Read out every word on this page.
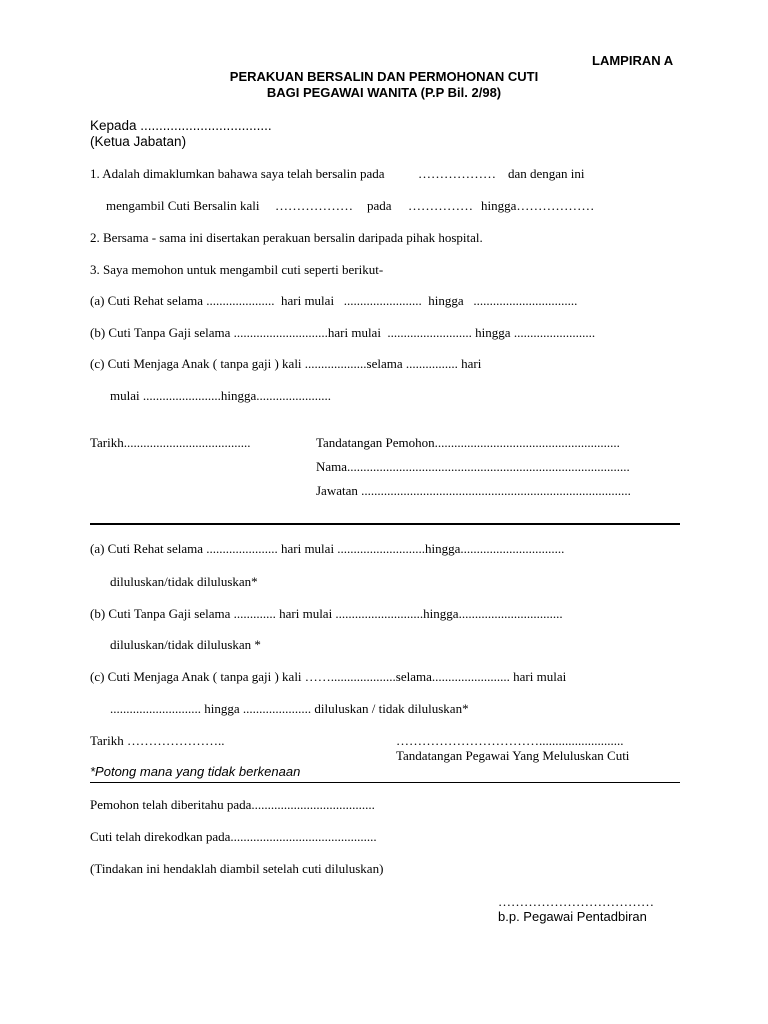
LAMPIRAN A
PERAKUAN BERSALIN DAN PERMOHONAN CUTI
BAGI PEGAWAI WANITA (P.P Bil. 2/98)
Kepada ...................................
(Ketua Jabatan)
1. Adalah dimaklumkan bahawa saya telah bersalin pada	……………… dan dengan ini
mengambil Cuti Bersalin kali ……………… pada …………… hingga………………
2. Bersama - sama ini disertakan perakuan bersalin daripada pihak hospital.
3. Saya memohon untuk mengambil cuti seperti berikut-
(a) Cuti Rehat selama .....................  hari mulai   ........................  hingga   ................................
(b) Cuti Tanpa Gaji selama .............................hari mulai  .......................... hingga .........................
(c) Cuti Menjaga Anak ( tanpa gaji ) kali ...................selama ................ hari
mulai ........................hingga.......................
Tarikh.......................................	Tandatangan Pemohon.........................................................
Nama.......................................................................................
Jawatan ...................................................................................
(a) Cuti Rehat selama ...................... hari mulai ...........................hingga................................
diluluskan/tidak diluluskan*
(b) Cuti Tanpa Gaji selama ............. hari mulai ...........................hingga................................
diluluskan/tidak diluluskan *
(c) Cuti Menjaga Anak ( tanpa gaji ) kali ……....................selama........................ hari mulai
............................ hingga ..................... diluluskan / tidak diluluskan*
Tarikh …………………..	……………………………..........................
Tandatangan Pegawai Yang Meluluskan Cuti
*Potong mana yang tidak berkenaan
Pemohon telah diberitahu pada......................................
Cuti telah direkodkan pada.............................................
(Tindakan ini hendaklah diambil setelah cuti diluluskan)
………………………………
b.p. Pegawai Pentadbiran
